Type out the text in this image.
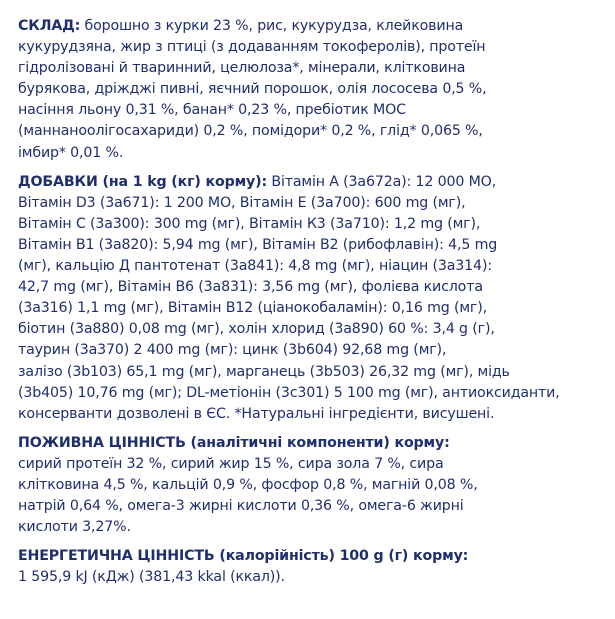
СКЛАД: борошно з курки 23 %, рис, кукурудза, клейковина
кукурудзяна, жир з птиці (з додаванням токоферолів), протеїн
гідролізовані й тваринний, целюлоза*, мінерали, клітковина
бурякова, дріжджі пивні, яєчний порошок, олія лососева 0,5 %,
насіння льону 0,31 %, банан* 0,23 %, пребіотик МОС
(маннаноолігосахариди) 0,2 %, помідори* 0,2 %, глід* 0,065 %,
імбир* 0,01 %.

ДОБАВКИ (на 1 kg (кг) корму): Вітамін А (3a672a): 12 000 МО,
Вітамін D3 (3a671): 1 200 МО, Вітамін Е (3a700): 600 mg (мг),
Вітамін С (3a300): 300 mg (мг), Вітамін К3 (3a710): 1,2 mg (мг),
Вітамін В1 (3a820): 5,94 mg (мг), Вітамін В2 (рибофлавін): 4,5 mg
(мг), кальцію Д пантотенат (3a841): 4,8 mg (мг), ніацин (3a314):
42,7 mg (мг), Вітамін В6 (3a831): 3,56 mg (мг), фолієва кислота
(3a316) 1,1 mg (мг), Вітамін В12 (ціанокобаламін): 0,16 mg (мг),
біотин (3a880) 0,08 mg (мг), холін хлорид (3a890) 60 %: 3,4 g (г),
таурин (3a370) 2 400 mg (мг): цинк (3b604) 92,68 mg (мг),
залізо (3b103) 65,1 mg (мг), марганець (3b503) 26,32 mg (мг), мідь
(3b405) 10,76 mg (мг); DL-метіонін (3c301) 5 100 mg (мг), антиоксиданти,
консерванти дозволені в ЄС. *Натуральні інгредієнти, висушені.

ПОЖИВНА ЦІННІСТЬ (аналітичні компоненти) корму:
сирий протеїн 32 %, сирий жир 15 %, сира зола 7 %, сира
клітковина 4,5 %, кальцій 0,9 %, фосфор 0,8 %, магній 0,08 %,
натрій 0,64 %, омега-3 жирні кислоти 0,36 %, омега-6 жирні
кислоти 3,27%.

ЕНЕРГЕТИЧНА ЦІННІСТЬ (калорійність) 100 g (г) корму:
1 595,9 kJ (кДж) (381,43 kkal (ккал)).
